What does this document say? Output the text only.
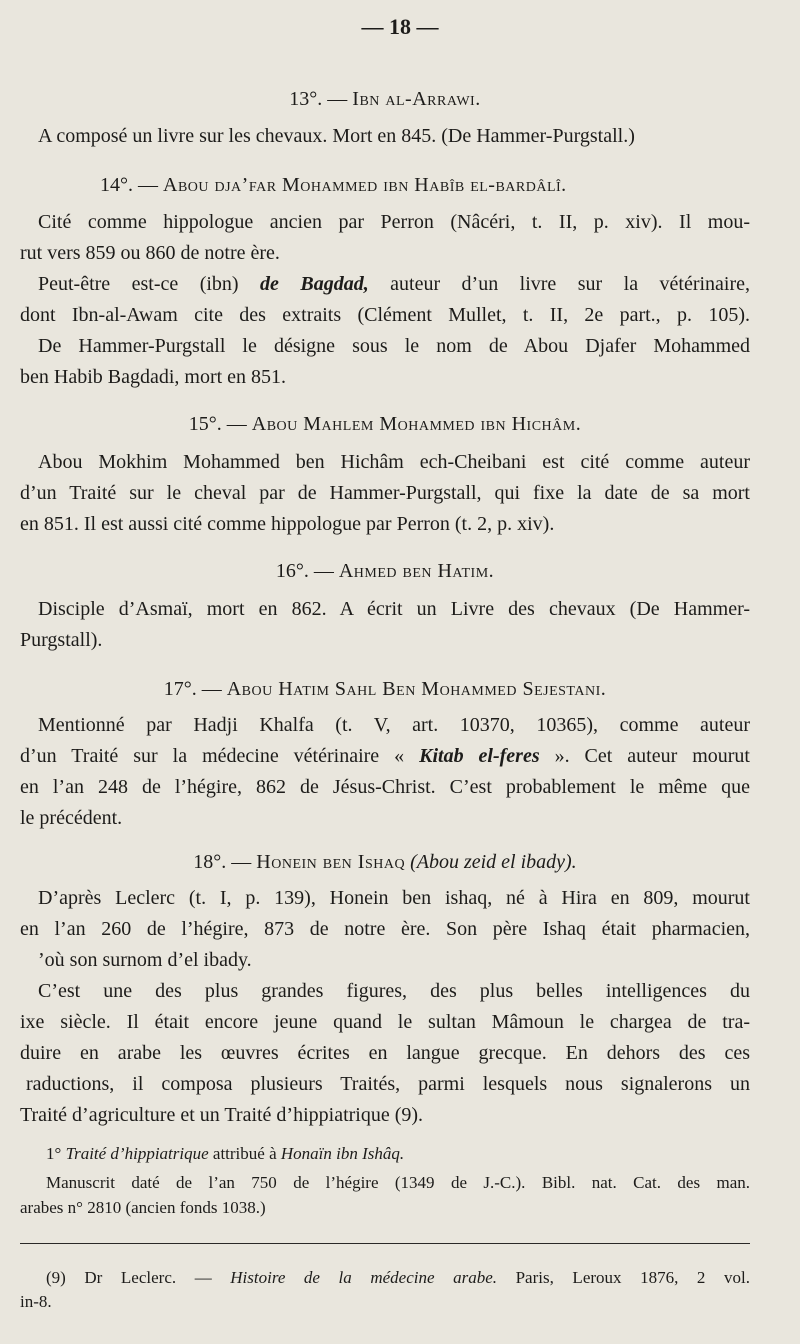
— 18 —
13°. — Ibn al-Arrawi.
A composé un livre sur les chevaux. Mort en 845. (De Hammer-Purgstall.)
14°. — Abou dja’far Mohammed ibn Habîb el-bardâlî.
Cité comme hippologue ancien par Perron (Nâcéri, t. II, p. xiv). Il mou-
rut vers 859 ou 860 de notre ère.
Peut-être est-ce (ibn) de Bagdad, auteur d’un livre sur la vétérinaire,
dont Ibn-al-Awam cite des extraits (Clément Mullet, t. II, 2e part., p. 105).
De Hammer-Purgstall le désigne sous le nom de Abou Djafer Mohammed
ben Habib Bagdadi, mort en 851.
15°. — Abou Mahlem Mohammed ibn Hichâm.
Abou Mokhim Mohammed ben Hichâm ech-Cheibani est cité comme auteur
d’un Traité sur le cheval par de Hammer-Purgstall, qui fixe la date de sa mort
en 851. Il est aussi cité comme hippologue par Perron (t. 2, p. xiv).
16°. — Ahmed ben Hatim.
Disciple d’Asmaï, mort en 862. A écrit un Livre des chevaux (De Hammer-
Purgstall).
17°. — Abou Hatim Sahl Ben Mohammed Sejestani.
Mentionné par Hadji Khalfa (t. V, art. 10370, 10365), comme auteur
d’un Traité sur la médecine vétérinaire « Kitab el-feres ». Cet auteur mourut
en l’an 248 de l’hégire, 862 de Jésus-Christ. C’est probablement le même que
le précédent.
18°. — Honein ben Ishaq (Abou zeid el ibady).
D’après Leclerc (t. I, p. 139), Honein ben ishaq, né à Hira en 809, mourut
en l’an 260 de l’hégire, 873 de notre ère. Son père Ishaq était pharmacien,
’où son surnom d’el ibady.
C’est une des plus grandes figures, des plus belles intelligences du
ixe siècle. Il était encore jeune quand le sultan Mâmoun le chargea de tra-
duire en arabe les œuvres écrites en langue grecque. En dehors des ces
raductions, il composa plusieurs Traités, parmi lesquels nous signalerons un
Traité d’agriculture et un Traité d’hippiatrique (9).
1° Traité d’hippiatrique attribué à Honaïn ibn Ishâq.
Manuscrit daté de l’an 750 de l’hégire (1349 de J.-C.). Bibl. nat. Cat. des man.
arabes n° 2810 (ancien fonds 1038.)
(9) Dr Leclerc. — Histoire de la médecine arabe. Paris, Leroux 1876, 2 vol.
in-8.
